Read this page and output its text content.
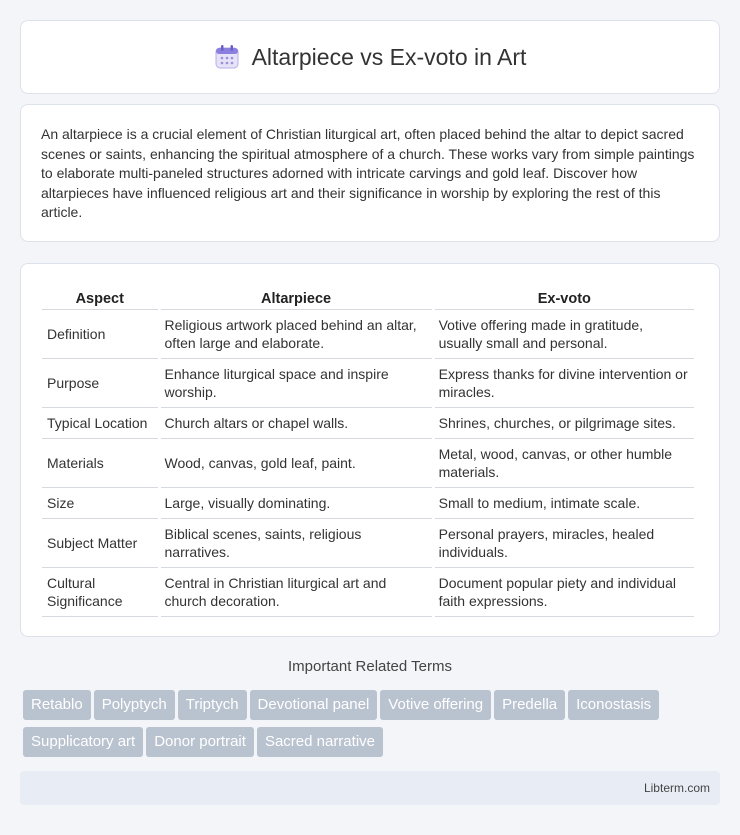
Altarpiece vs Ex-voto in Art

An altarpiece is a crucial element of Christian liturgical art, often placed behind the altar to depict sacred scenes or saints, enhancing the spiritual atmosphere of a church. These works vary from simple paintings to elaborate multi-paneled structures adorned with intricate carvings and gold leaf. Discover how altarpieces have influenced religious art and their significance in worship by exploring the rest of this article.

Aspect	Altarpiece	Ex-voto
Definition	Religious artwork placed behind an altar, often large and elaborate.	Votive offering made in gratitude, usually small and personal.
Purpose	Enhance liturgical space and inspire worship.	Express thanks for divine intervention or miracles.
Typical Location	Church altars or chapel walls.	Shrines, churches, or pilgrimage sites.
Materials	Wood, canvas, gold leaf, paint.	Metal, wood, canvas, or other humble materials.
Size	Large, visually dominating.	Small to medium, intimate scale.
Subject Matter	Biblical scenes, saints, religious narratives.	Personal prayers, miracles, healed individuals.
Cultural Significance	Central in Christian liturgical art and church decoration.	Document popular piety and individual faith expressions.
Important Related Terms
Retablo Polyptych Triptych Devotional panel Votive offering Predella IconostasisSupplicatory art Donor portrait Sacred narrative
Libterm.com
